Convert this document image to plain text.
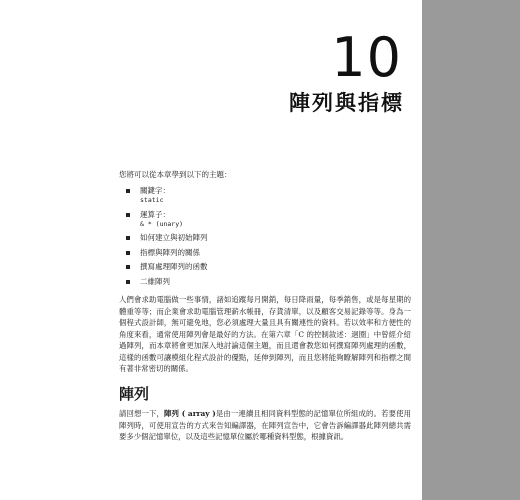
10
陣列與指標
您將可以從本章學到以下的主題：
關鍵字：
static
運算子：
& * (unary)
如何建立與初始陣列
指標與陣列的關係
撰寫處理陣列的函數
二維陣列

人們會求助電腦做一些事情，諸如追蹤每月開銷，每日降雨量，每季銷售，或是每星期的體重等等；而企業會求助電腦管理薪水帳冊，存貨清單，以及顧客交易記錄等等。身為一個程式設計師，無可避免地，您必須處理大量且具有關連性的資料。若以效率和方便性的角度來看，通常使用陣列會是最好的方法。在第六章「C 的控制敘述：迴圈」中曾經介紹過陣列，而本章將會更加深入地討論這個主題，而且還會教您如何撰寫陣列處理的函數，這樣的函數可讓模組化程式設計的優點，延伸到陣列，而且您將能夠瞭解陣列和指標之間有著非常密切的關係。

陣列

請回想一下，陣列 ( array )是由一連續且相同資料型態的記憶單位所組成的。若要使用陣列時，可使用宣告的方式來告知編譯器，在陣列宣告中，它會告訴編譯器此陣列總共需要多少個記憶單位，以及這些記憶單位屬於哪種資料型態，根據資訊。
